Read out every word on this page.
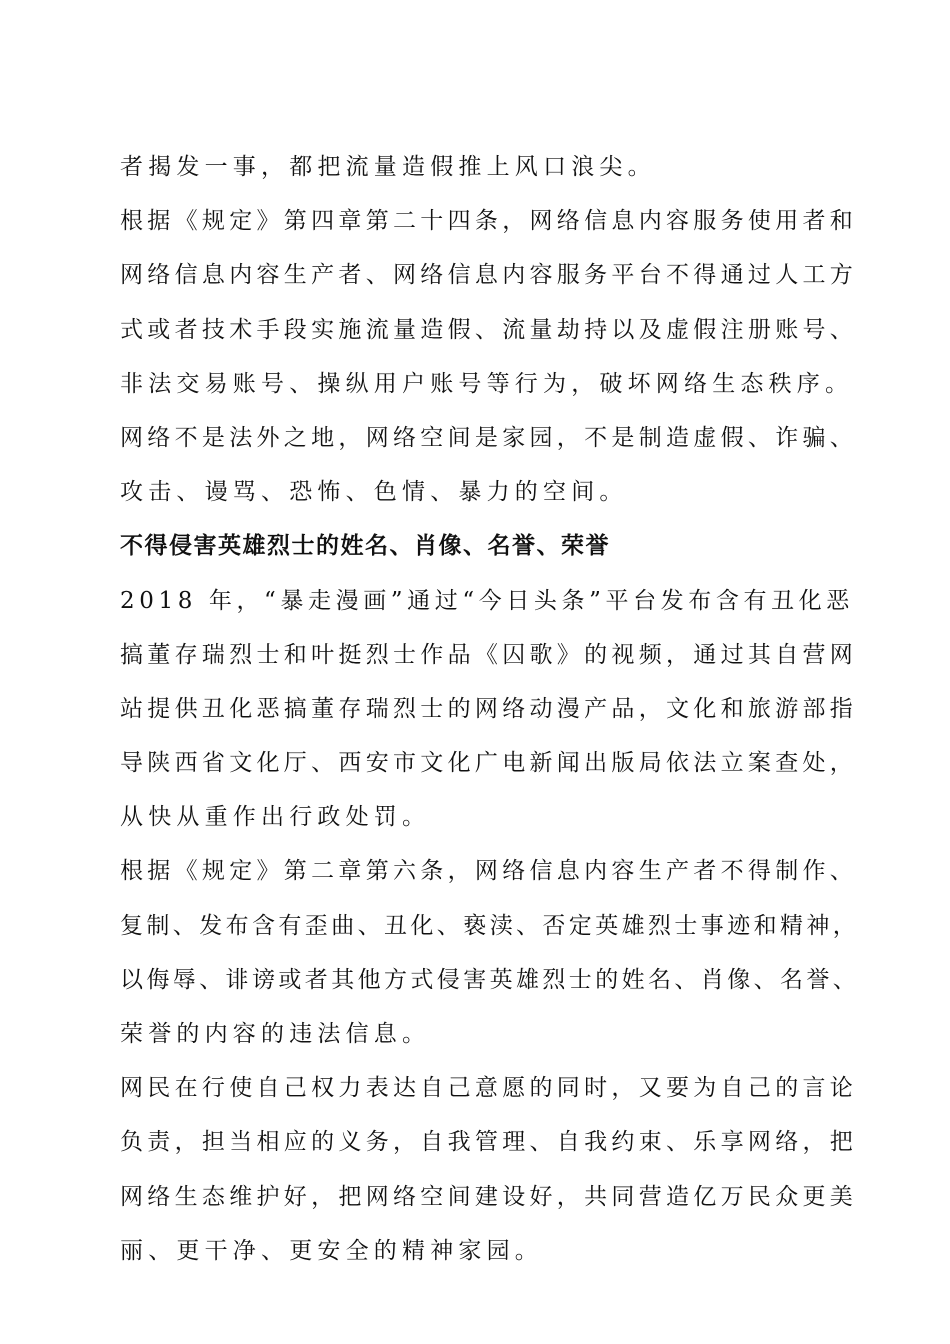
者揭发一事，都把流量造假推上风口浪尖。
根据《规定》第四章第二十四条，网络信息内容服务使用者和
网络信息内容生产者、网络信息内容服务平台不得通过人工方
式或者技术手段实施流量造假、流量劫持以及虚假注册账号、
非法交易账号、操纵用户账号等行为，破坏网络生态秩序。
网络不是法外之地，网络空间是家园，不是制造虚假、诈骗、
攻击、谩骂、恐怖、色情、暴力的空间。
不得侵害英雄烈士的姓名、肖像、名誉、荣誉
2018 年，“暴走漫画”通过“今日头条”平台发布含有丑化恶
搞董存瑞烈士和叶挺烈士作品《囚歌》的视频，通过其自营网
站提供丑化恶搞董存瑞烈士的网络动漫产品，文化和旅游部指
导陕西省文化厅、西安市文化广电新闻出版局依法立案查处，
从快从重作出行政处罚。
根据《规定》第二章第六条，网络信息内容生产者不得制作、
复制、发布含有歪曲、丑化、亵渎、否定英雄烈士事迹和精神，
以侮辱、诽谤或者其他方式侵害英雄烈士的姓名、肖像、名誉、
荣誉的内容的违法信息。
网民在行使自己权力表达自己意愿的同时，又要为自己的言论
负责，担当相应的义务，自我管理、自我约束、乐享网络，把
网络生态维护好，把网络空间建设好，共同营造亿万民众更美
丽、更干净、更安全的精神家园。
